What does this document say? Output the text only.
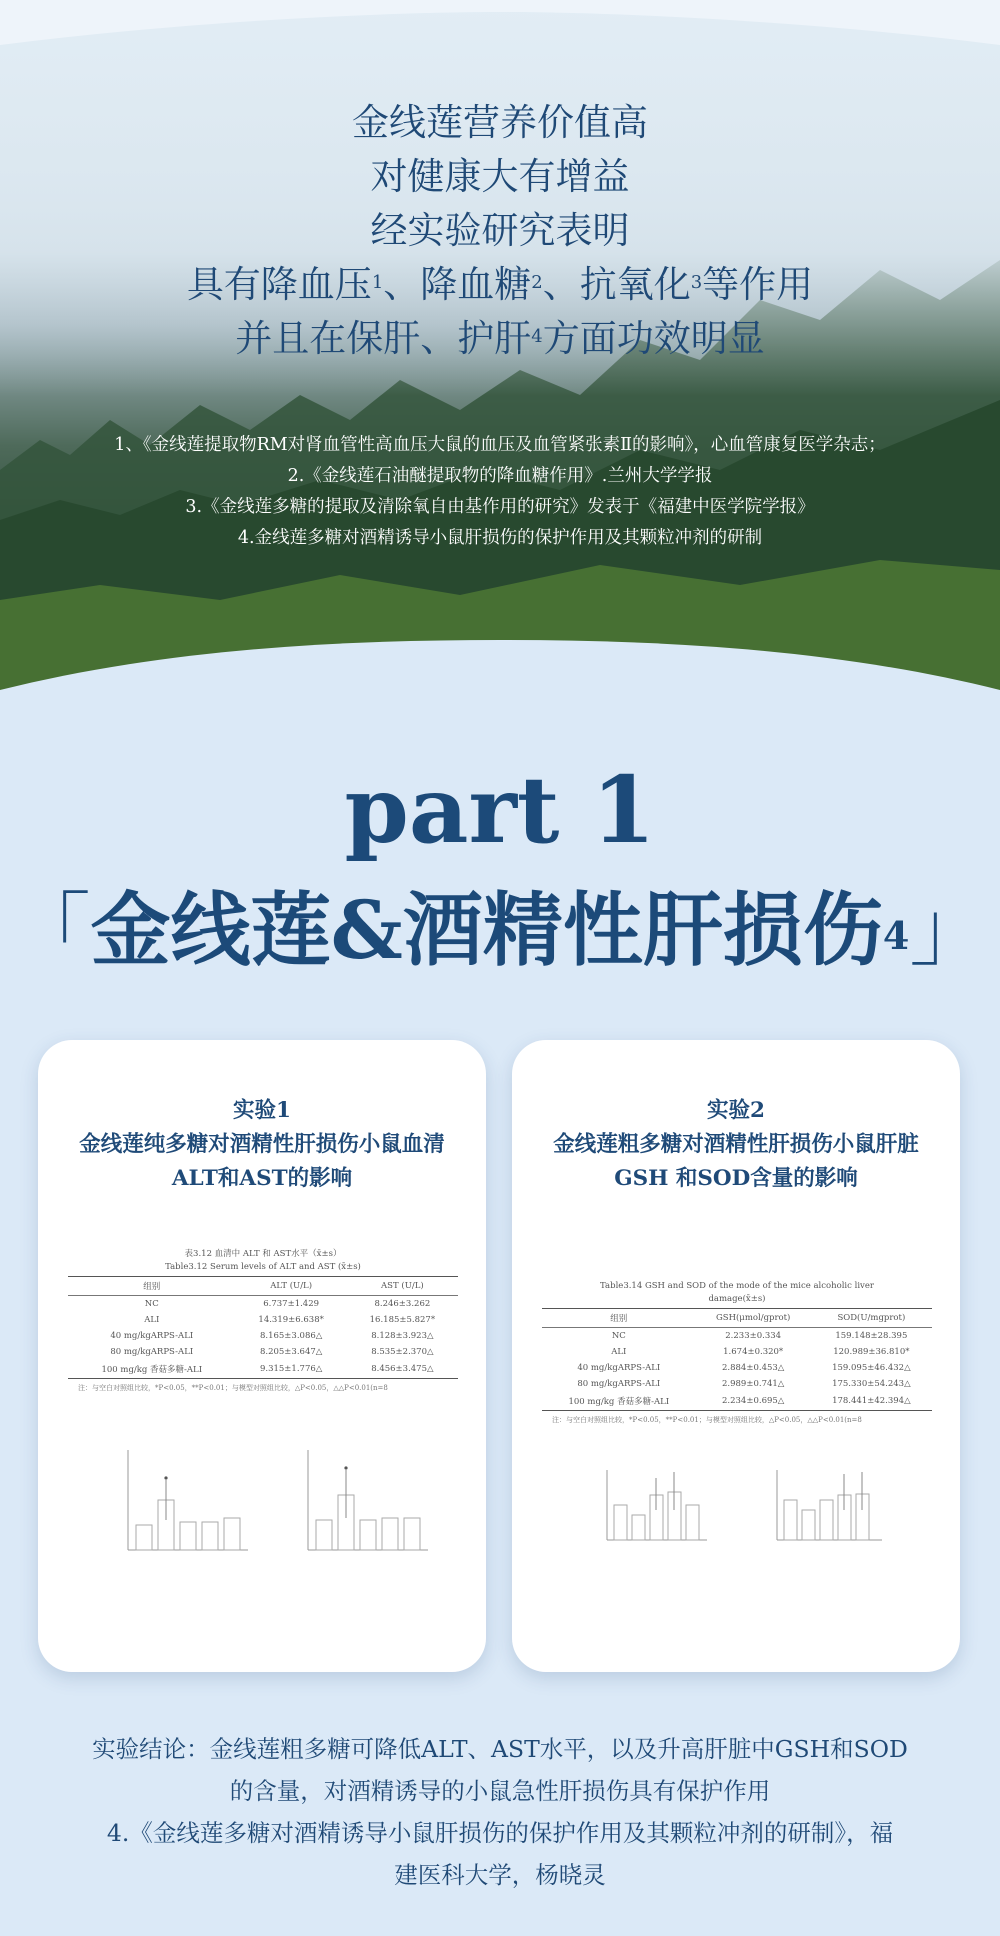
金线莲营养价值高
对健康大有增益
经实验研究表明
具有降血压$^1$、降血糖$^2$、抗氧化$^3$等作用
并且在保肝、护肝$^4$方面功效明显
1、《金线莲提取物RM对肾血管性高血压大鼠的血压及血管紧张素Ⅱ的影响》，心血管康复医学杂志；
2.《金线莲石油醚提取物的降血糖作用》.兰州大学学报
3.《金线莲多糖的提取及清除氧自由基作用的研究》发表于《福建中医学院学报》
4.金线莲多糖对酒精诱导小鼠肝损伤的保护作用及其颗粒冲剂的研制
part 1
「金线莲&酒精性肝损伤$^4$」
实验1
金线莲纯多糖对酒精性肝损伤小鼠血清
ALT和AST的影响
表3.12 血清中 ALT 和 AST水平（x̄±s）
Table3.12 Serum levels of ALT and AST (x̄±s)
组别	ALT (U/L)	AST (U/L)
NC	6.737±1.429	8.246±3.262
ALI	14.319±6.638*	16.185±5.827*
40 mg/kgARPS-ALI	8.165±3.086△	8.128±3.923△
80 mg/kgARPS-ALI	8.205±3.647△	8.535±2.370△
100 mg/kg 香菇多糖-ALI	9.315±1.776△	8.456±3.475△
注：与空白对照组比较，*P<0.05，**P<0.01；与模型对照组比较，△P<0.05，△△P<0.01(n=8
实验2
金线莲粗多糖对酒精性肝损伤小鼠肝脏
GSH 和SOD含量的影响
Table3.14 GSH and SOD of the mode of the mice alcoholic liver
damage(x̄±s)
组别	GSH(μmol/gprot)	SOD(U/mgprot)
NC	2.233±0.334	159.148±28.395
ALI	1.674±0.320*	120.989±36.810*
40 mg/kgARPS-ALI	2.884±0.453△	159.095±46.432△
80 mg/kgARPS-ALI	2.989±0.741△	175.330±54.243△
100 mg/kg 香菇多糖-ALI	2.234±0.695△	178.441±42.394△
注：与空白对照组比较，*P<0.05，**P<0.01；与模型对照组比较，△P<0.05，△△P<0.01(n=8
实验结论：金线莲粗多糖可降低ALT、AST水平，以及升高肝脏中GSH和SOD
的含量，对酒精诱导的小鼠急性肝损伤具有保护作用
4.《金线莲多糖对酒精诱导小鼠肝损伤的保护作用及其颗粒冲剂的研制》，福
建医科大学，杨晓灵
